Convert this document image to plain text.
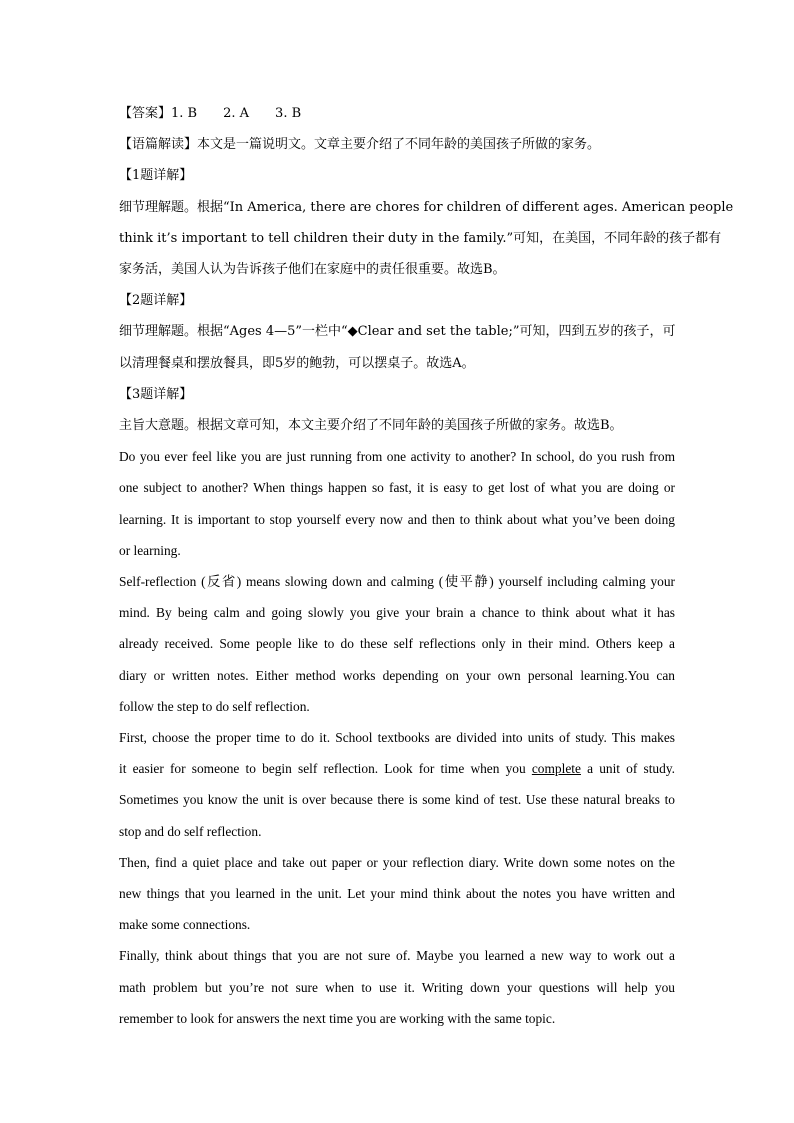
【答案】1. B 2. A 3. B

【语篇解读】本文是一篇说明文。文章主要介绍了不同年龄的美国孩子所做的家务。

【1题详解】

细节理解题。根据“In America, there are chores for children of different ages. American people

think it’s important to tell children their duty in the family.”可知，在美国，不同年龄的孩子都有

家务活，美国人认为告诉孩子他们在家庭中的责任很重要。故选B。

【2题详解】

细节理解题。根据“Ages 4—5”一栏中“◆Clear and set the table;”可知，四到五岁的孩子，可

以清理餐桌和摆放餐具，即5岁的鲍勃，可以摆桌子。故选A。

【3题详解】

主旨大意题。根据文章可知，本文主要介绍了不同年龄的美国孩子所做的家务。故选B。

Do you ever feel like you are just running from one activity to another? In school, do you rush from

one subject to another? When things happen so fast, it is easy to get lost of what you are doing or

learning. It is important to stop yourself every now and then to think about what you’ve been doing

or learning.

Self-reflection (反省) means slowing down and calming (使平静) yourself including calming your

mind. By being calm and going slowly you give your brain a chance to think about what it has

already received. Some people like to do these self reflections only in their mind. Others keep a

diary or written notes. Either method works depending on your own personal learning.You can

follow the step to do self reflection.

First, choose the proper time to do it. School textbooks are divided into units of study. This makes

it easier for someone to begin self reflection. Look for time when you complete a unit of study.

Sometimes you know the unit is over because there is some kind of test. Use these natural breaks to

stop and do self reflection.

Then, find a quiet place and take out paper or your reflection diary. Write down some notes on the

new things that you learned in the unit. Let your mind think about the notes you have written and

make some connections.

Finally, think about things that you are not sure of. Maybe you learned a new way to work out a

math problem but you’re not sure when to use it. Writing down your questions will help you

remember to look for answers the next time you are working with the same topic.
